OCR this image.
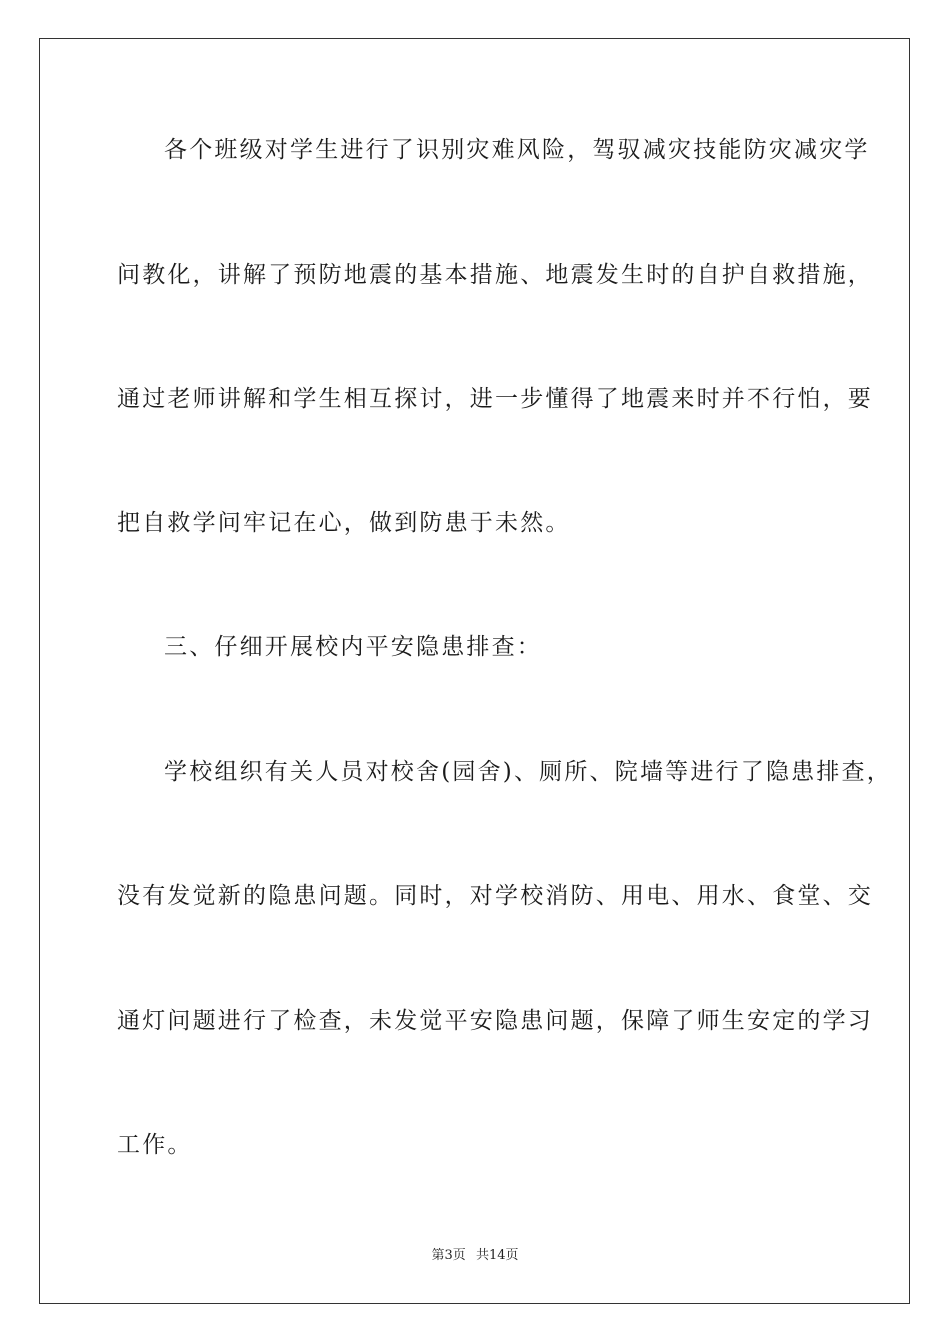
各个班级对学生进行了识别灾难风险，驾驭减灾技能防灾减灾学
问教化，讲解了预防地震的基本措施、地震发生时的自护自救措施，
通过老师讲解和学生相互探讨，进一步懂得了地震来时并不行怕，要
把自救学问牢记在心，做到防患于未然。
三、仔细开展校内平安隐患排查：
学校组织有关人员对校舍(园舍)、厕所、院墙等进行了隐患排查，
没有发觉新的隐患问题。同时，对学校消防、用电、用水、食堂、交
通灯问题进行了检查，未发觉平安隐患问题，保障了师生安定的学习
工作。
第3页 共14页
